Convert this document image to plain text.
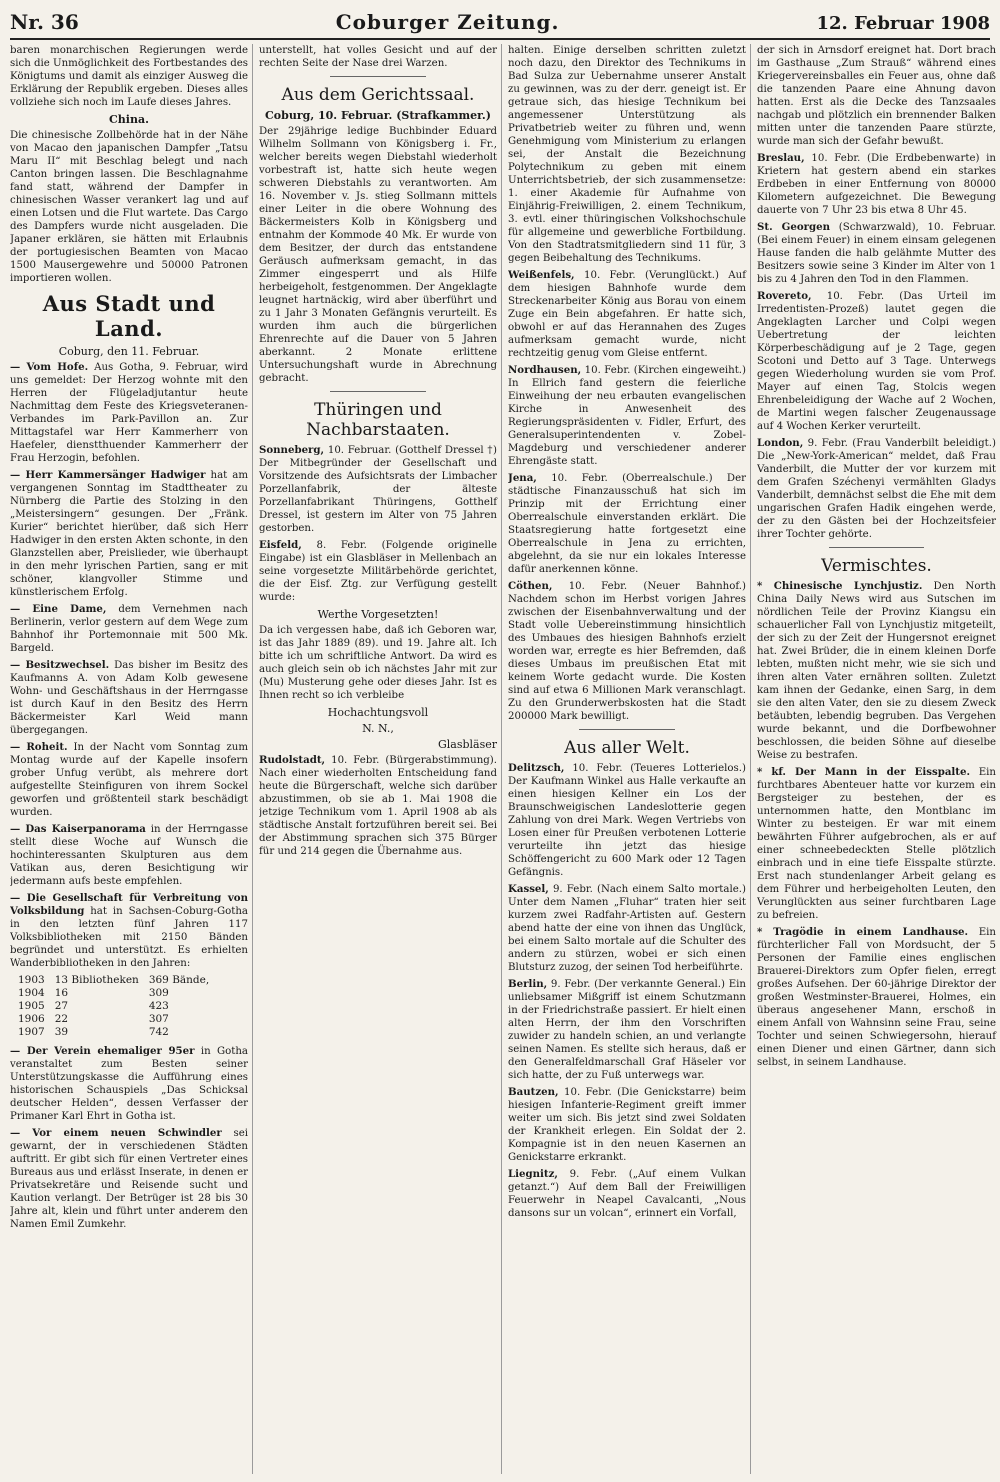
Nr. 36	Coburger Zeitung.	12. Februar 1908

baren monarchischen Regierungen werde sich die Unmöglichkeit des Fortbestandes des Königtums und damit als einziger Ausweg die Erklärung der Republik ergeben. Dieses alles vollziehe sich noch im Laufe dieses Jahres.

China.

Die chinesische Zollbehörde hat in der Nähe von Macao den japanischen Dampfer „Tatsu Maru II“ mit Beschlag belegt und nach Canton bringen lassen. Die Beschlagnahme fand statt, während der Dampfer in chinesischen Wasser verankert lag und auf einen Lotsen und die Flut wartete. Das Cargo des Dampfers wurde nicht ausgeladen. Die Japaner erklären, sie hätten mit Erlaubnis der portugiesischen Beamten von Macao 1500 Mausergewehre und 50000 Patronen importieren wollen.

Aus Stadt und Land.
Coburg, den 11. Februar.

— Vom Hofe. Aus Gotha, 9. Februar, wird uns gemeldet: Der Herzog wohnte mit den Herren der Flügeladjutantur heute Nachmittag dem Feste des Kriegsveteranen-Verbandes im Park-Pavillon an. Zur Mittagstafel war Herr Kammerherr von Haefeler, dienstthuender Kammerherr der Frau Herzogin, befohlen.

— Herr Kammersänger Hadwiger hat am vergangenen Sonntag im Stadttheater zu Nürnberg die Partie des Stolzing in den „Meistersingern“ gesungen. Der „Fränk. Kurier“ berichtet hierüber, daß sich Herr Hadwiger in den ersten Akten schonte, in den Glanzstellen aber, Preislieder, wie überhaupt in den mehr lyrischen Partien, sang er mit schöner, klangvoller Stimme und künstlerischem Erfolg.

— Eine Dame, dem Vernehmen nach Berlinerin, verlor gestern auf dem Wege zum Bahnhof ihr Portemonnaie mit 500 Mk. Bargeld.

— Besitzwechsel. Das bisher im Besitz des Kaufmanns A. von Adam Kolb gewesene Wohn- und Geschäftshaus in der Herrngasse ist durch Kauf in den Besitz des Herrn Bäckermeister Karl Weid mann übergegangen.

— Roheit. In der Nacht vom Sonntag zum Montag wurde auf der Kapelle insofern grober Unfug verübt, als mehrere dort aufgestellte Steinfiguren von ihrem Sockel geworfen und größtenteil stark beschädigt wurden.

— Das Kaiserpanorama in der Herrngasse stellt diese Woche auf Wunsch die hochinteressanten Skulpturen aus dem Vatikan aus, deren Besichtigung wir jedermann aufs beste empfehlen.

— Die Gesellschaft für Verbreitung von Volksbildung hat in Sachsen-Coburg-Gotha in den letzten fünf Jahren 117 Volksbibliotheken mit 2150 Bänden begründet und unterstützt. Es erhielten Wanderbibliotheken in den Jahren:

1903	13 Bibliotheken	369 Bände,
1904	16	309
1905	27	423
1906	22	307
1907	39	742

— Der Verein ehemaliger 95er in Gotha veranstaltet zum Besten seiner Unterstützungskasse die Aufführung eines historischen Schauspiels „Das Schicksal deutscher Helden“, dessen Verfasser der Primaner Karl Ehrt in Gotha ist.

— Vor einem neuen Schwindler sei gewarnt, der in verschiedenen Städten auftritt. Er gibt sich für einen Vertreter eines Bureaus aus und erlässt Inserate, in denen er Privatsekretäre und Reisende sucht und Kaution verlangt. Der Betrüger ist 28 bis 30 Jahre alt, klein und führt unter anderem den Namen Emil Zumkehr.

unterstellt, hat volles Gesicht und auf der rechten Seite der Nase drei Warzen.

Aus dem Gerichtssaal.
Coburg, 10. Februar. (Strafkammer.)

Der 29jährige ledige Buchbinder Eduard Wilhelm Sollmann von Königsberg i. Fr., welcher bereits wegen Diebstahl wiederholt vorbestraft ist, hatte sich heute wegen schweren Diebstahls zu verantworten. Am 16. November v. Js. stieg Sollmann mittels einer Leiter in die obere Wohnung des Bäckermeisters Kolb in Königsberg und entnahm der Kommode 40 Mk. Er wurde von dem Besitzer, der durch das entstandene Geräusch aufmerksam gemacht, in das Zimmer eingesperrt und als Hilfe herbeigeholt, festgenommen. Der Angeklagte leugnet hartnäckig, wird aber überführt und zu 1 Jahr 3 Monaten Gefängnis verurteilt. Es wurden ihm auch die bürgerlichen Ehrenrechte auf die Dauer von 5 Jahren aberkannt. 2 Monate erlittene Untersuchungshaft wurde in Abrechnung gebracht.

Thüringen und Nachbarstaaten.

Sonneberg, 10. Februar. (Gotthelf Dressel †) Der Mitbegründer der Gesellschaft und Vorsitzende des Aufsichtsrats der Limbacher Porzellanfabrik, der älteste Porzellanfabrikant Thüringens, Gotthelf Dressel, ist gestern im Alter von 75 Jahren gestorben.

Eisfeld, 8. Febr. (Folgende originelle Eingabe) ist ein Glasbläser in Mellenbach an seine vorgesetzte Militärbehörde gerichtet, die der Eisf. Ztg. zur Verfügung gestellt wurde:

Werthe Vorgesetzten!

Da ich vergessen habe, daß ich Geboren war, ist das Jahr 1889 (89). und 19. Jahre alt. Ich bitte ich um schriftliche Antwort. Da wird es auch gleich sein ob ich nächstes Jahr mit zur (Mu) Musterung gehe oder dieses Jahr. Ist es Ihnen recht so ich verbleibe

Hochachtungsvoll
N. N.,
Glasbläser

Rudolstadt, 10. Febr. (Bürgerabstimmung). Nach einer wiederholten Entscheidung fand heute die Bürgerschaft, welche sich darüber abzustimmen, ob sie ab 1. Mai 1908 die jetzige Technikum vom 1. April 1908 ab als städtische Anstalt fortzuführen bereit sei. Bei der Abstimmung sprachen sich 375 Bürger für und 214 gegen die Übernahme aus.

halten. Einige derselben schritten zuletzt noch dazu, den Direktor des Technikums in Bad Sulza zur Uebernahme unserer Anstalt zu gewinnen, was zu der derr. geneigt ist. Er getraue sich, das hiesige Technikum bei angemessener Unterstützung als Privatbetrieb weiter zu führen und, wenn Genehmigung vom Ministerium zu erlangen sei, der Anstalt die Bezeichnung Polytechnikum zu geben mit einem Unterrichtsbetrieb, der sich zusammensetze: 1. einer Akademie für Aufnahme von Einjährig-Freiwilligen, 2. einem Technikum, 3. evtl. einer thüringischen Volkshochschule für allgemeine und gewerbliche Fortbildung. Von den Stadtratsmitgliedern sind 11 für, 3 gegen Beibehaltung des Technikums.

Weißenfels, 10. Febr. (Verunglückt.) Auf dem hiesigen Bahnhofe wurde dem Streckenarbeiter König aus Borau von einem Zuge ein Bein abgefahren. Er hatte sich, obwohl er auf das Herannahen des Zuges aufmerksam gemacht wurde, nicht rechtzeitig genug vom Gleise entfernt.

Nordhausen, 10. Febr. (Kirchen eingeweiht.) In Ellrich fand gestern die feierliche Einweihung der neu erbauten evangelischen Kirche in Anwesenheit des Regierungspräsidenten v. Fidler, Erfurt, des Generalsuperintendenten v. Zobel-Magdeburg und verschiedener anderer Ehrengäste statt.

Jena, 10. Febr. (Oberrealschule.) Der städtische Finanzausschuß hat sich im Prinzip mit der Errichtung einer Oberrealschule einverstanden erklärt. Die Staatsregierung hatte fortgesetzt eine Oberrealschule in Jena zu errichten, abgelehnt, da sie nur ein lokales Interesse dafür anerkennen könne.

Cöthen, 10. Febr. (Neuer Bahnhof.) Nachdem schon im Herbst vorigen Jahres zwischen der Eisenbahnverwaltung und der Stadt volle Uebereinstimmung hinsichtlich des Umbaues des hiesigen Bahnhofs erzielt worden war, erregte es hier Befremden, daß dieses Umbaus im preußischen Etat mit keinem Worte gedacht wurde. Die Kosten sind auf etwa 6 Millionen Mark veranschlagt. Zu den Grunderwerbskosten hat die Stadt 200000 Mark bewilligt.

Aus aller Welt.

Delitzsch, 10. Febr. (Teueres Lotterielos.) Der Kaufmann Winkel aus Halle verkaufte an einen hiesigen Kellner ein Los der Braunschweigischen Landeslotterie gegen Zahlung von drei Mark. Wegen Vertriebs von Losen einer für Preußen verbotenen Lotterie verurteilte ihn jetzt das hiesige Schöffengericht zu 600 Mark oder 12 Tagen Gefängnis.

Kassel, 9. Febr. (Nach einem Salto mortale.) Unter dem Namen „Fluhar“ traten hier seit kurzem zwei Radfahr-Artisten auf. Gestern abend hatte der eine von ihnen das Unglück, bei einem Salto mortale auf die Schulter des andern zu stürzen, wobei er sich einen Blutsturz zuzog, der seinen Tod herbeiführte.

Berlin, 9. Febr. (Der verkannte General.) Ein unliebsamer Mißgriff ist einem Schutzmann in der Friedrichstraße passiert. Er hielt einen alten Herrn, der ihm den Vorschriften zuwider zu handeln schien, an und verlangte seinen Namen. Es stellte sich heraus, daß er den Generalfeldmarschall Graf Häseler vor sich hatte, der zu Fuß unterwegs war.

Bautzen, 10. Febr. (Die Genickstarre) beim hiesigen Infanterie-Regiment greift immer weiter um sich. Bis jetzt sind zwei Soldaten der Krankheit erlegen. Ein Soldat der 2. Kompagnie ist in den neuen Kasernen an Genickstarre erkrankt.

Liegnitz, 9. Febr. („Auf einem Vulkan getanzt.“) Auf dem Ball der Freiwilligen Feuerwehr in Neapel Cavalcanti, „Nous dansons sur un volcan“, erinnert ein Vorfall,

der sich in Arnsdorf ereignet hat. Dort brach im Gasthause „Zum Strauß“ während eines Kriegervereinsballes ein Feuer aus, ohne daß die tanzenden Paare eine Ahnung davon hatten. Erst als die Decke des Tanzsaales nachgab und plötzlich ein brennender Balken mitten unter die tanzenden Paare stürzte, wurde man sich der Gefahr bewußt.

Breslau, 10. Febr. (Die Erdbebenwarte) in Krietern hat gestern abend ein starkes Erdbeben in einer Entfernung von 80000 Kilometern aufgezeichnet. Die Bewegung dauerte von 7 Uhr 23 bis etwa 8 Uhr 45.

St. Georgen (Schwarzwald), 10. Februar. (Bei einem Feuer) in einem einsam gelegenen Hause fanden die halb gelähmte Mutter des Besitzers sowie seine 3 Kinder im Alter von 1 bis zu 4 Jahren den Tod in den Flammen.

Rovereto, 10. Febr. (Das Urteil im Irredentisten-Prozeß) lautet gegen die Angeklagten Larcher und Colpi wegen Uebertretung der leichten Körperbeschädigung auf je 2 Tage, gegen Scotoni und Detto auf 3 Tage. Unterwegs gegen Wiederholung wurden sie vom Prof. Mayer auf einen Tag, Stolcis wegen Ehrenbeleidigung der Wache auf 2 Wochen, de Martini wegen falscher Zeugenaussage auf 4 Wochen Kerker verurteilt.

London, 9. Febr. (Frau Vanderbilt beleidigt.) Die „New-York-American“ meldet, daß Frau Vanderbilt, die Mutter der vor kurzem mit dem Grafen Széchenyi vermählten Gladys Vanderbilt, demnächst selbst die Ehe mit dem ungarischen Grafen Hadik eingehen werde, der zu den Gästen bei der Hochzeitsfeier ihrer Tochter gehörte.

Vermischtes.

* Chinesische Lynchjustiz. Den North China Daily News wird aus Sutschen im nördlichen Teile der Provinz Kiangsu ein schauerlicher Fall von Lynchjustiz mitgeteilt, der sich zu der Zeit der Hungersnot ereignet hat. Zwei Brüder, die in einem kleinen Dorfe lebten, mußten nicht mehr, wie sie sich und ihren alten Vater ernähren sollten. Zuletzt kam ihnen der Gedanke, einen Sarg, in dem sie den alten Vater, den sie zu diesem Zweck betäubten, lebendig begruben. Das Vergehen wurde bekannt, und die Dorfbewohner beschlossen, die beiden Söhne auf dieselbe Weise zu bestrafen.

* kf. Der Mann in der Eisspalte. Ein furchtbares Abenteuer hatte vor kurzem ein Bergsteiger zu bestehen, der es unternommen hatte, den Montblanc im Winter zu besteigen. Er war mit einem bewährten Führer aufgebrochen, als er auf einer schneebedeckten Stelle plötzlich einbrach und in eine tiefe Eisspalte stürzte. Erst nach stundenlanger Arbeit gelang es dem Führer und herbeigeholten Leuten, den Verunglückten aus seiner furchtbaren Lage zu befreien.

* Tragödie in einem Landhause. Ein fürchterlicher Fall von Mordsucht, der 5 Personen der Familie eines englischen Brauerei-Direktors zum Opfer fielen, erregt großes Aufsehen. Der 60-jährige Direktor der großen Westminster-Brauerei, Holmes, ein überaus angesehener Mann, erschoß in einem Anfall von Wahnsinn seine Frau, seine Tochter und seinen Schwiegersohn, hierauf einen Diener und einen Gärtner, dann sich selbst, in seinem Landhause.
